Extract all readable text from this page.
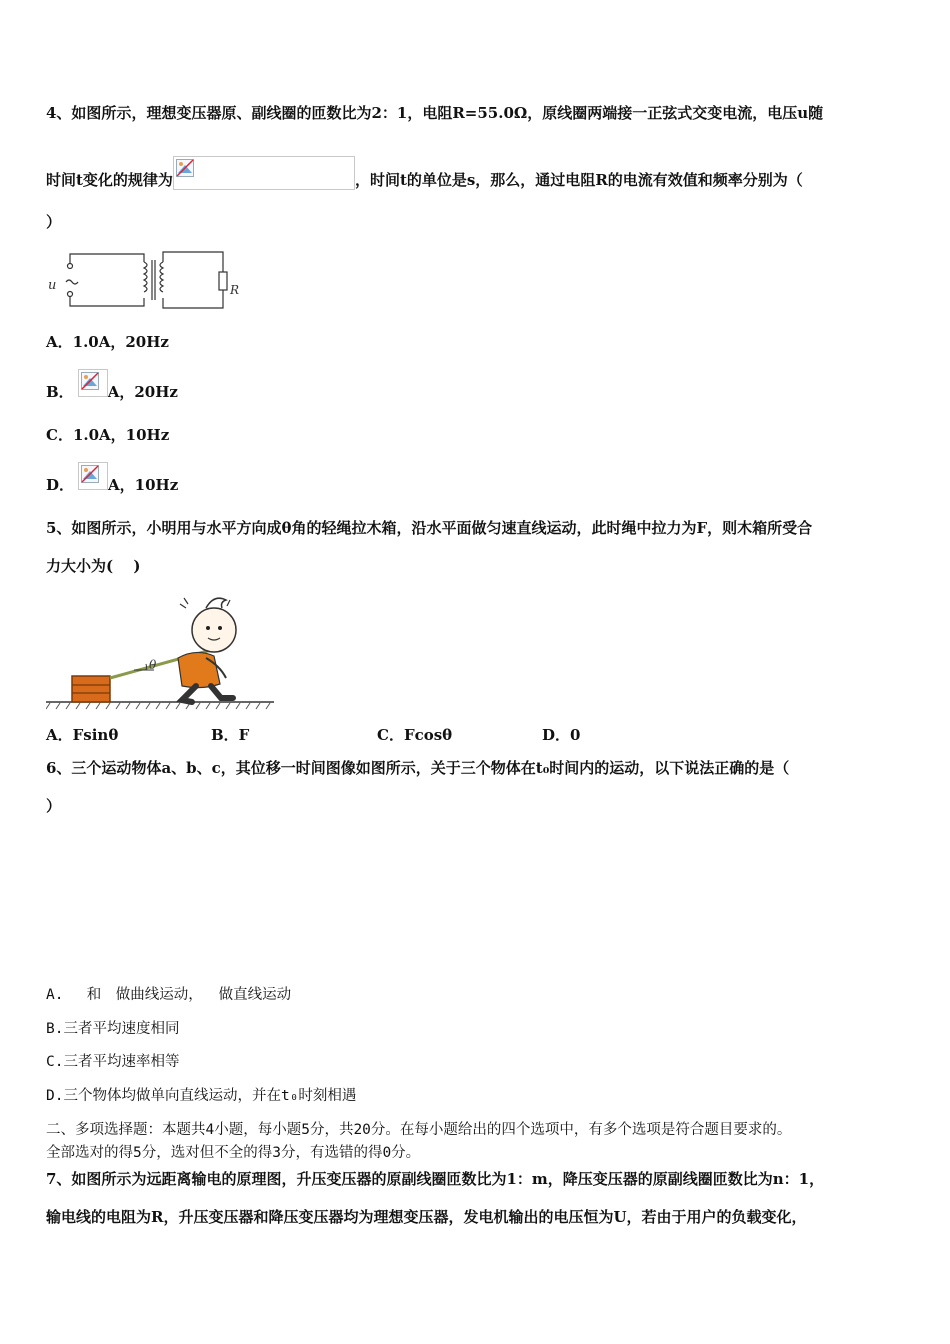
4、如图所示，理想变压器原、副线圈的匝数比为2：1，电阻R=55.0Ω，原线圈两端接一正弦式交变电流，电压u随
时间t变化的规律为	，时间t的单位是s，那么，通过电阻R的电流有效值和频率分别为（
）
u	R
A．1.0A，20Hz
B． A，20Hz
C．1.0A，10Hz
D． A，10Hz
5、如图所示，小明用与水平方向成θ角的轻绳拉木箱，沿水平面做匀速直线运动，此时绳中拉力为F，则木箱所受合
力大小为(　 )
θ
A．Fsinθ	B．F	C．Fcosθ	D．0
6、三个运动物体a、b、c，其位移一时间图像如图所示，关于三个物体在t₀时间内的运动，以下说法正确的是（
）
A.　 和　做曲线运动，　 做直线运动
B.三者平均速度相同
C.三者平均速率相等
D.三个物体均做单向直线运动，并在t₀时刻相遇
二、多项选择题：本题共4小题，每小题5分，共20分。在每小题给出的四个选项中，有多个选项是符合题目要求的。
全部选对的得5分，选对但不全的得3分，有选错的得0分。
7、如图所示为远距离输电的原理图，升压变压器的原副线圈匝数比为1：m，降压变压器的原副线圈匝数比为n：1，
输电线的电阻为R，升压变压器和降压变压器均为理想变压器，发电机输出的电压恒为U，若由于用户的负载变化，
